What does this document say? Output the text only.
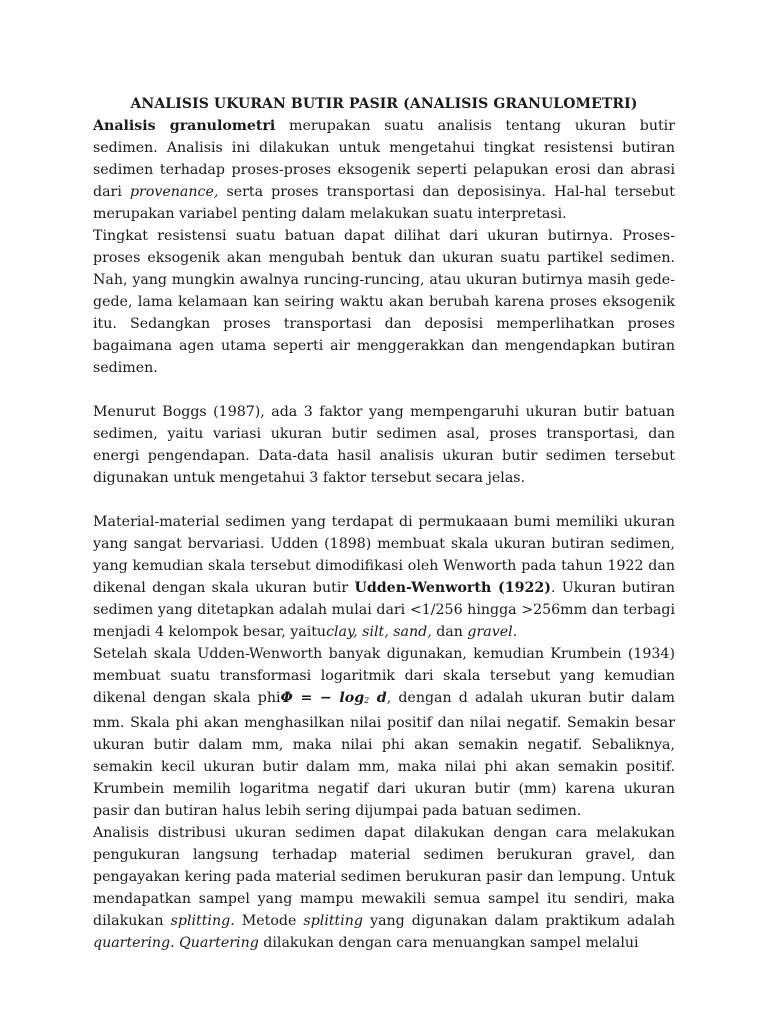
ANALISIS UKURAN BUTIR PASIR (ANALISIS GRANULOMETRI)

Analisis granulometri merupakan suatu analisis tentang ukuran butir sedimen. Analisis ini dilakukan untuk mengetahui tingkat resistensi butiran sedimen terhadap proses-proses eksogenik seperti pelapukan erosi dan abrasi dari provenance, serta proses transportasi dan deposisinya. Hal-hal tersebut merupakan variabel penting dalam melakukan suatu interpretasi.

Tingkat resistensi suatu batuan dapat dilihat dari ukuran butirnya. Proses-proses eksogenik akan mengubah bentuk dan ukuran suatu partikel sedimen. Nah, yang mungkin awalnya runcing-runcing, atau ukuran butirnya masih gede-gede, lama kelamaan kan seiring waktu akan berubah karena proses eksogenik itu. Sedangkan proses transportasi dan deposisi memperlihatkan proses bagaimana agen utama seperti air menggerakkan dan mengendapkan butiran sedimen.

Menurut Boggs (1987), ada 3 faktor yang mempengaruhi ukuran butir batuan sedimen, yaitu variasi ukuran butir sedimen asal, proses transportasi, dan energi pengendapan. Data-data hasil analisis ukuran butir sedimen tersebut digunakan untuk mengetahui 3 faktor tersebut secara jelas.

Material-material sedimen yang terdapat di permukaaan bumi memiliki ukuran yang sangat bervariasi. Udden (1898) membuat skala ukuran butiran sedimen, yang kemudian skala tersebut dimodifikasi oleh Wenworth pada tahun 1922 dan dikenal dengan skala ukuran butir Udden-Wenworth (1922). Ukuran butiran sedimen yang ditetapkan adalah mulai dari <1/256 hingga >256mm dan terbagi menjadi 4 kelompok besar, yaituclay, silt, sand, dan gravel.

Setelah skala Udden-Wenworth banyak digunakan, kemudian Krumbein (1934) membuat suatu transformasi logaritmik dari skala tersebut yang kemudian dikenal dengan skala phiΦ = − $\log_2 d$, dengan d adalah ukuran butir dalam mm. Skala phi akan menghasilkan nilai positif dan nilai negatif. Semakin besar ukuran butir dalam mm, maka nilai phi akan semakin negatif. Sebaliknya, semakin kecil ukuran butir dalam mm, maka nilai phi akan semakin positif. Krumbein memilih logaritma negatif dari ukuran butir (mm) karena ukuran pasir dan butiran halus lebih sering dijumpai pada batuan sedimen.

Analisis distribusi ukuran sedimen dapat dilakukan dengan cara melakukan pengukuran langsung terhadap material sedimen berukuran gravel, dan pengayakan kering pada material sedimen berukuran pasir dan lempung. Untuk mendapatkan sampel yang mampu mewakili semua sampel itu sendiri, maka dilakukan splitting. Metode splitting yang digunakan dalam praktikum adalah quartering. Quartering dilakukan dengan cara menuangkan sampel melalui
